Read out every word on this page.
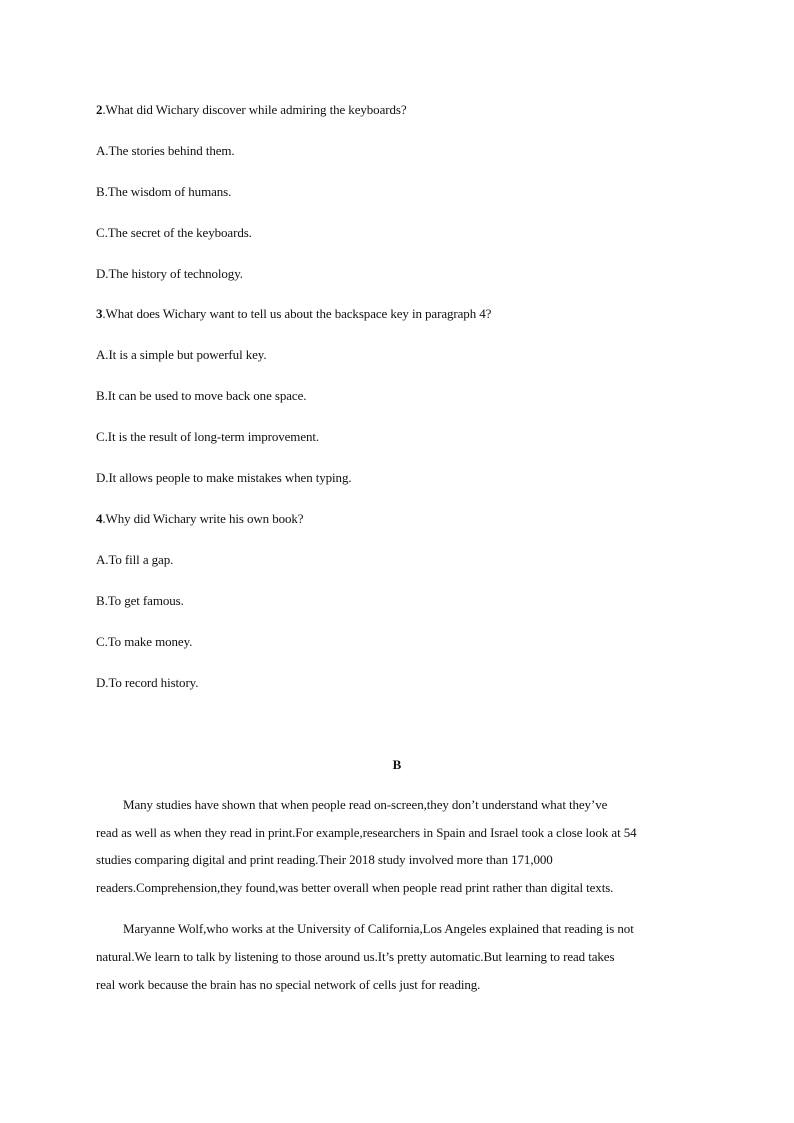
2.What did Wichary discover while admiring the keyboards?
A.The stories behind them.
B.The wisdom of humans.
C.The secret of the keyboards.
D.The history of technology.
3.What does Wichary want to tell us about the backspace key in paragraph 4?
A.It is a simple but powerful key.
B.It can be used to move back one space.
C.It is the result of long-term improvement.
D.It allows people to make mistakes when typing.
4.Why did Wichary write his own book?
A.To fill a gap.
B.To get famous.
C.To make money.
D.To record history.
B
Many studies have shown that when people read on-screen,they don’t understand what they’ve
read as well as when they read in print.For example,researchers in Spain and Israel took a close look at 54
studies comparing digital and print reading.Their 2018 study involved more than 171,000
readers.Comprehension,they found,was better overall when people read print rather than digital texts.
Maryanne Wolf,who works at the University of California,Los Angeles explained that reading is not
natural.We learn to talk by listening to those around us.It’s pretty automatic.But learning to read takes
real work because the brain has no special network of cells just for reading.
